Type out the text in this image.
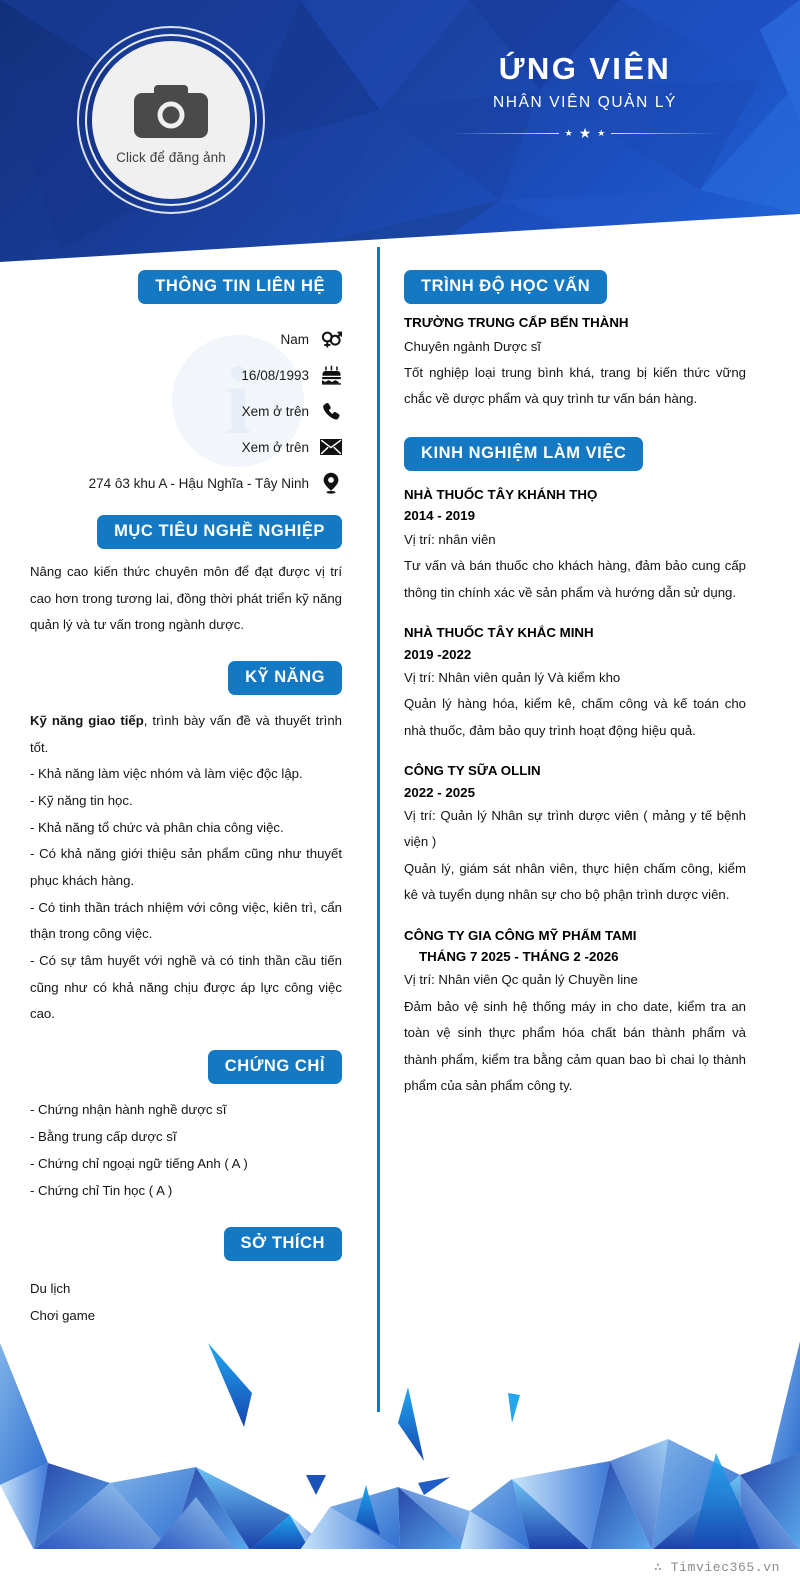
Click để đăng ảnh
ỨNG VIÊN
NHÂN VIÊN QUẢN LÝ
★ ★ ★
THÔNG TIN LIÊN HỆ
i
Nam
16/08/1993
Xem ở trên
Xem ở trên
274 ô3 khu A - Hậu Nghĩa - Tây Ninh
MỤC TIÊU NGHỀ NGHIỆP
Nâng cao kiến thức chuyên môn để đạt được vị trí cao hơn trong tương lai, đồng thời phát triển kỹ năng quản lý và tư vấn trong ngành dược.
KỸ NĂNG

Kỹ năng giao tiếp, trình bày vấn đề và thuyết trình tốt.

- Khả năng làm việc nhóm và làm việc độc lập.

- Kỹ năng tin học.

- Khả năng tổ chức và phân chia công việc.

- Có khả năng giới thiệu sản phẩm cũng như thuyết phục khách hàng.

- Có tinh thần trách nhiệm với công việc, kiên trì, cẩn thận trong công việc.

- Có sự tâm huyết với nghề và có tinh thần cầu tiến cũng như có khả năng chịu được áp lực công việc cao.

CHỨNG CHỈ
- Chứng nhận hành nghề dược sĩ
- Bằng trung cấp dược sĩ
- Chứng chỉ ngoại ngữ tiếng Anh ( A )
- Chứng chỉ Tin học ( A )
SỞ THÍCH
Du lịch
Chơi game
TRÌNH ĐỘ HỌC VẤN
TRƯỜNG TRUNG CẤP BẾN THÀNH
Chuyên ngành Dược sĩ
Tốt nghiệp loại trung bình khá, trang bị kiến thức vững chắc về dược phẩm và quy trình tư vấn bán hàng.
KINH NGHIỆM LÀM VIỆC
NHÀ THUỐC TÂY KHÁNH THỌ
2014 - 2019
Vị trí: nhân viên
Tư vấn và bán thuốc cho khách hàng, đảm bảo cung cấp thông tin chính xác về sản phẩm và hướng dẫn sử dụng.
NHÀ THUỐC TÂY KHẮC MINH
2019 -2022
Vị trí: Nhân viên quản lý Và kiểm kho
Quản lý hàng hóa, kiểm kê, chấm công và kế toán cho nhà thuốc, đảm bảo quy trình hoạt động hiệu quả.
CÔNG TY SỮA OLLIN
2022 - 2025
Vị trí: Quản lý Nhân sự trình dược viên ( mảng y tế bệnh viện )
Quản lý, giám sát nhân viên, thực hiện chấm công, kiểm kê và tuyển dụng nhân sự cho bộ phận trình dược viên.
CÔNG TY GIA CÔNG MỸ PHẨM TAMI
THÁNG 7 2025 - THÁNG 2 -2026
Vị trí: Nhân viên Qc quản lý Chuyền line
Đảm bảo vệ sinh hệ thống máy in cho date, kiểm tra an toàn vệ sinh thực phẩm hóa chất bán thành phẩm và thành phẩm, kiểm tra bằng cảm quan bao bì chai lọ thành phẩm của sản phẩm công ty.
∴ Timviec365.vn
